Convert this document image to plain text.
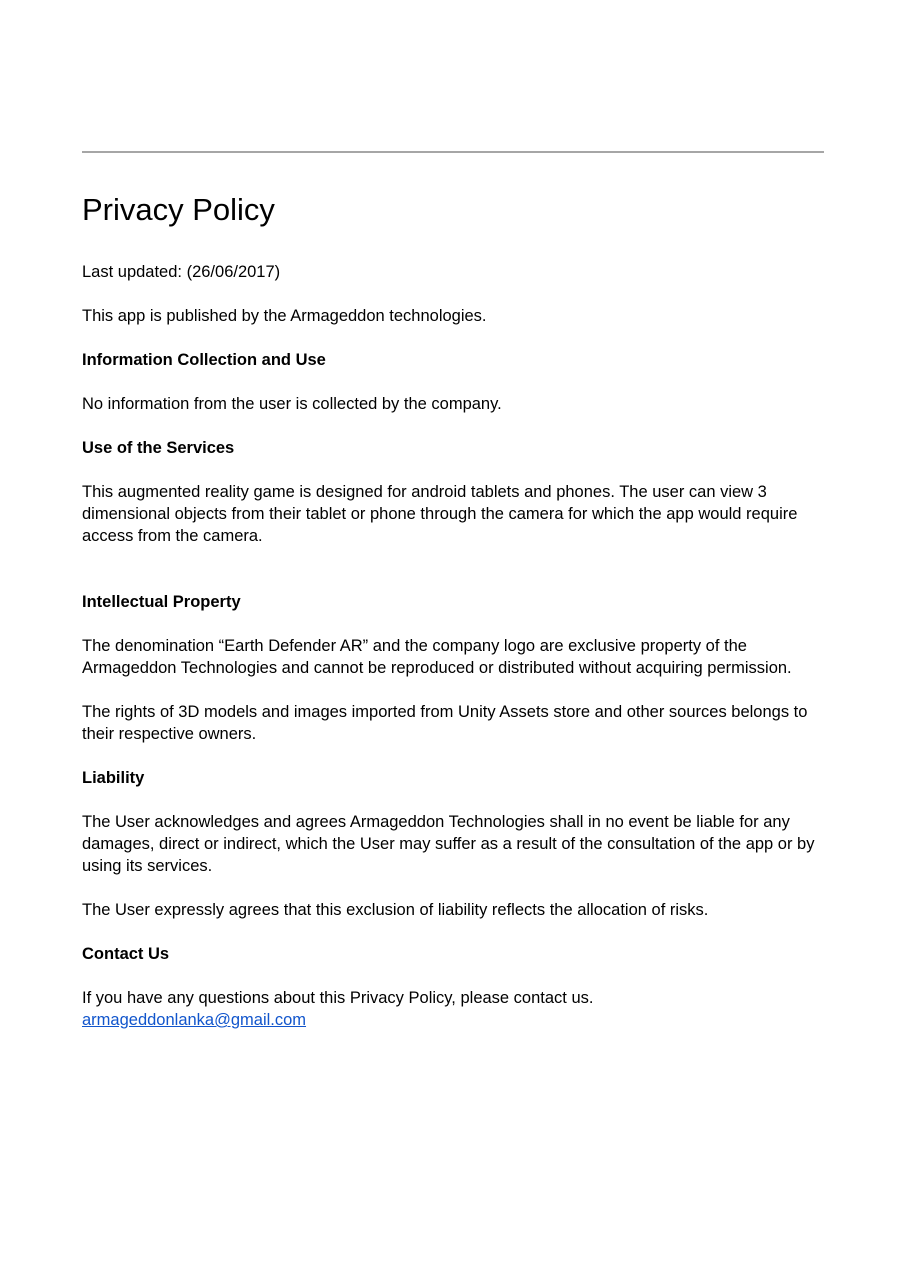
Privacy Policy

Last updated: (26/06/2017)

This app is published by the Armageddon technologies.

Information Collection and Use

No information from the user is collected by the company.

Use of the Services

This augmented reality game is designed for android tablets and phones. The user can view 3 dimensional objects from their tablet or phone through the camera for which the app would require access from the camera.

Intellectual Property

The denomination “Earth Defender AR” and the company logo are exclusive property of the Armageddon Technologies and cannot be reproduced or distributed without acquiring permission.

The rights of 3D models and images imported from Unity Assets store and other sources belongs to their respective owners.

Liability

The User acknowledges and agrees Armageddon Technologies shall in no event be liable for any damages, direct or indirect, which the User may suffer as a result of the consultation of the app or by using its services.

The User expressly agrees that this exclusion of liability reflects the allocation of risks.

Contact Us

If you have any questions about this Privacy Policy, please contact us.
armageddonlanka@gmail.com
